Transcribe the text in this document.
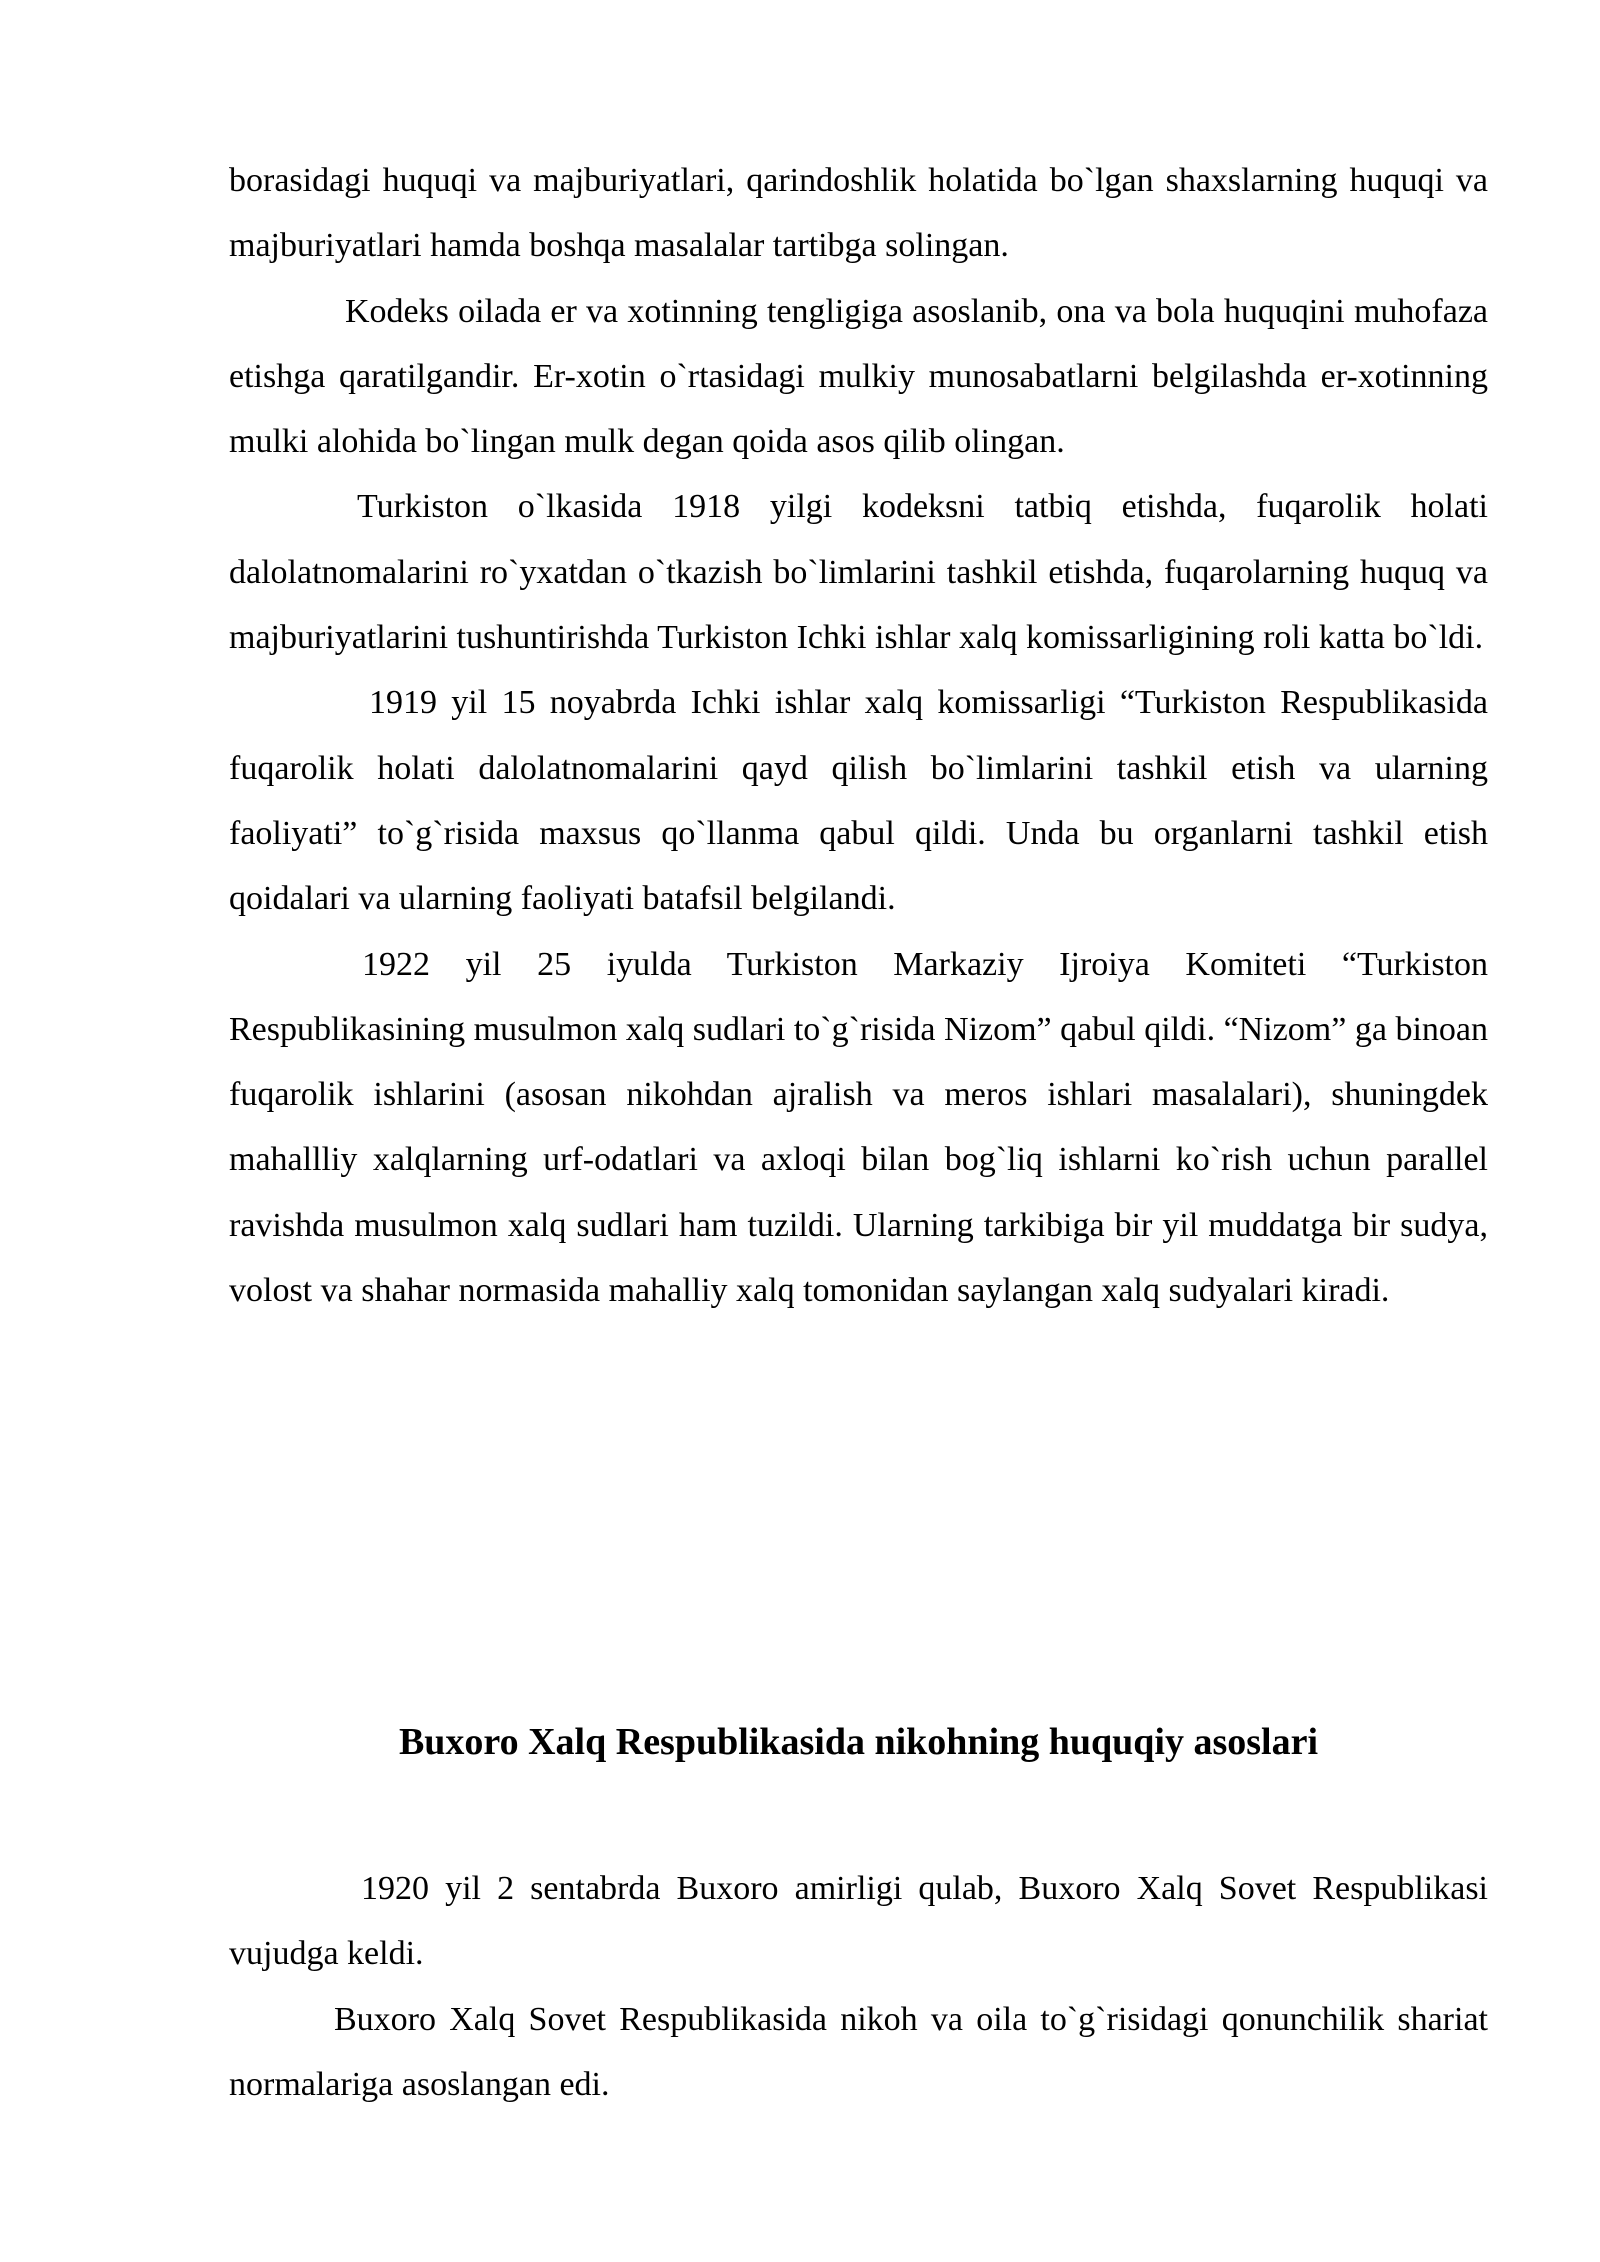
borasidagi huquqi va majburiyatlari, qarindoshlik holatida bo`lgan shaxslarning huquqi va majburiyatlari hamda boshqa masalalar tartibga solingan.

Kodeks oilada er va xotinning tengligiga asoslanib, ona va bola huquqini muhofaza etishga qaratilgandir. Er-xotin o`rtasidagi mulkiy munosabatlarni belgilashda er-xotinning mulki alohida bo`lingan mulk degan qoida asos qilib olingan.

Turkiston o`lkasida 1918 yilgi kodeksni tatbiq etishda, fuqarolik holati dalolatnomalarini ro`yxatdan o`tkazish bo`limlarini tashkil etishda, fuqarolarning huquq va majburiyatlarini tushuntirishda Turkiston Ichki ishlar xalq komissarligining roli katta bo`ldi.

1919 yil 15 noyabrda Ichki ishlar xalq komissarligi “Turkiston Respublikasida fuqarolik holati dalolatnomalarini qayd qilish bo`limlarini tashkil etish va ularning faoliyati” to`g`risida maxsus qo`llanma qabul qildi. Unda bu organlarni tashkil etish qoidalari va ularning faoliyati batafsil belgilandi.

1922 yil 25 iyulda Turkiston Markaziy Ijroiya Komiteti “Turkiston Respublikasining musulmon xalq sudlari to`g`risida Nizom” qabul qildi. “Nizom” ga binoan fuqarolik ishlarini (asosan nikohdan ajralish va meros ishlari masalalari), shuningdek mahallliy xalqlarning urf-odatlari va axloqi bilan bog`liq ishlarni ko`rish uchun parallel ravishda musulmon xalq sudlari ham tuzildi. Ularning tarkibiga bir yil muddatga bir sudya, volost va shahar normasida mahalliy xalq tomonidan saylangan xalq sudyalari kiradi.

Buxoro Xalq Respublikasida nikohning huquqiy asoslari

1920 yil 2 sentabrda Buxoro amirligi qulab, Buxoro Xalq Sovet Respublikasi vujudga keldi.

Buxoro Xalq Sovet Respublikasida nikoh va oila to`g`risidagi qonunchilik shariat normalariga asoslangan edi.
